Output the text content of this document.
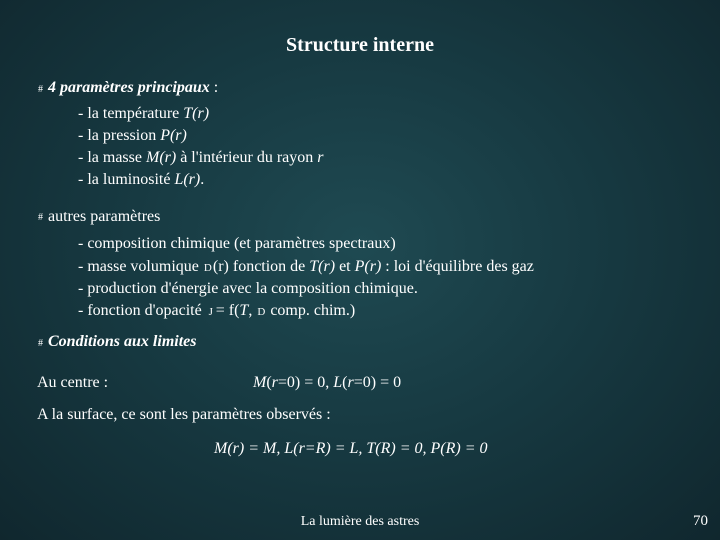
Structure interne
# 4 paramètres principaux :
- la température T(r)
- la pression P(r)
- la masse M(r) à l'intérieur du rayon r
- la luminosité L(r).
# autres paramètres
- composition chimique (et paramètres spectraux)
- masse volumique D(r) fonction de T(r) et P(r) : loi d'équilibre des gaz
- production d'énergie avec la composition chimique.
- fonction d'opacité J = f(T, D comp. chim.)
# Conditions aux limites
Au centre :	M(r=0) = 0, L(r=0) = 0
A la surface, ce sont les paramètres observés :
M(r) = M, L(r=R) = L, T(R) = 0, P(R) = 0
La lumière des astres	70
